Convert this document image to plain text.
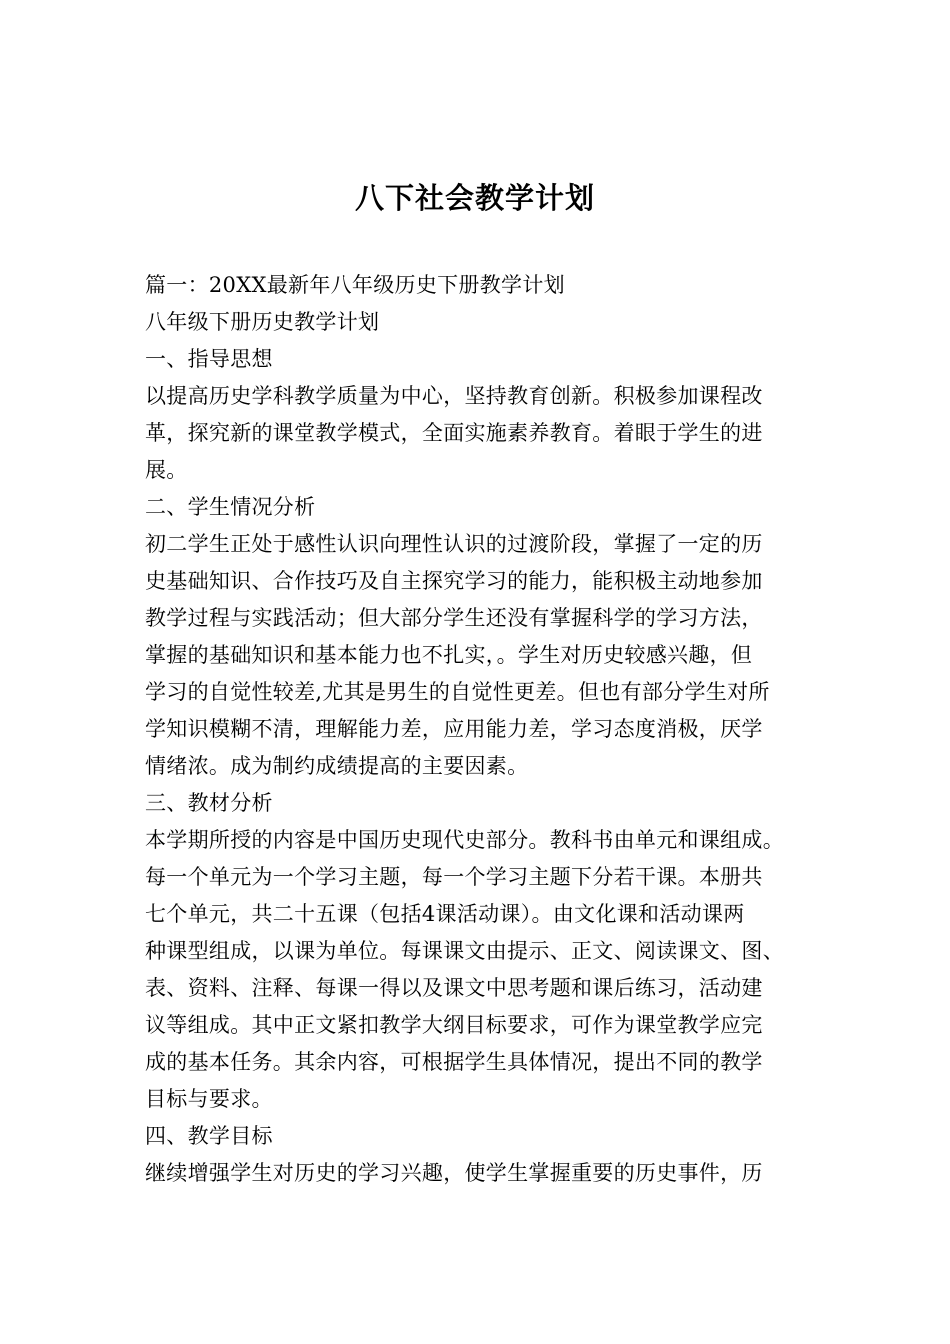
八下社会教学计划
篇一：20XX最新年八年级历史下册教学计划
八年级下册历史教学计划
一、指导思想
以提高历史学科教学质量为中心，坚持教育创新。积极参加课程改
革，探究新的课堂教学模式，全面实施素养教育。着眼于学生的进
展。
二、学生情况分析
初二学生正处于感性认识向理性认识的过渡阶段，掌握了一定的历
史基础知识、合作技巧及自主探究学习的能力，能积极主动地参加
教学过程与实践活动；但大部分学生还没有掌握科学的学习方法，
掌握的基础知识和基本能力也不扎实，。学生对历史较感兴趣，但
学习的自觉性较差,尤其是男生的自觉性更差。但也有部分学生对所
学知识模糊不清，理解能力差，应用能力差，学习态度消极，厌学
情绪浓。成为制约成绩提高的主要因素。
三、教材分析
本学期所授的内容是中国历史现代史部分。教科书由单元和课组成。
每一个单元为一个学习主题，每一个学习主题下分若干课。本册共
七个单元，共二十五课（包括4课活动课）。由文化课和活动课两
种课型组成，以课为单位。每课课文由提示、正文、阅读课文、图、
表、资料、注释、每课一得以及课文中思考题和课后练习，活动建
议等组成。其中正文紧扣教学大纲目标要求，可作为课堂教学应完
成的基本任务。其余内容，可根据学生具体情况，提出不同的教学
目标与要求。
四、教学目标
继续增强学生对历史的学习兴趣，使学生掌握重要的历史事件，历
